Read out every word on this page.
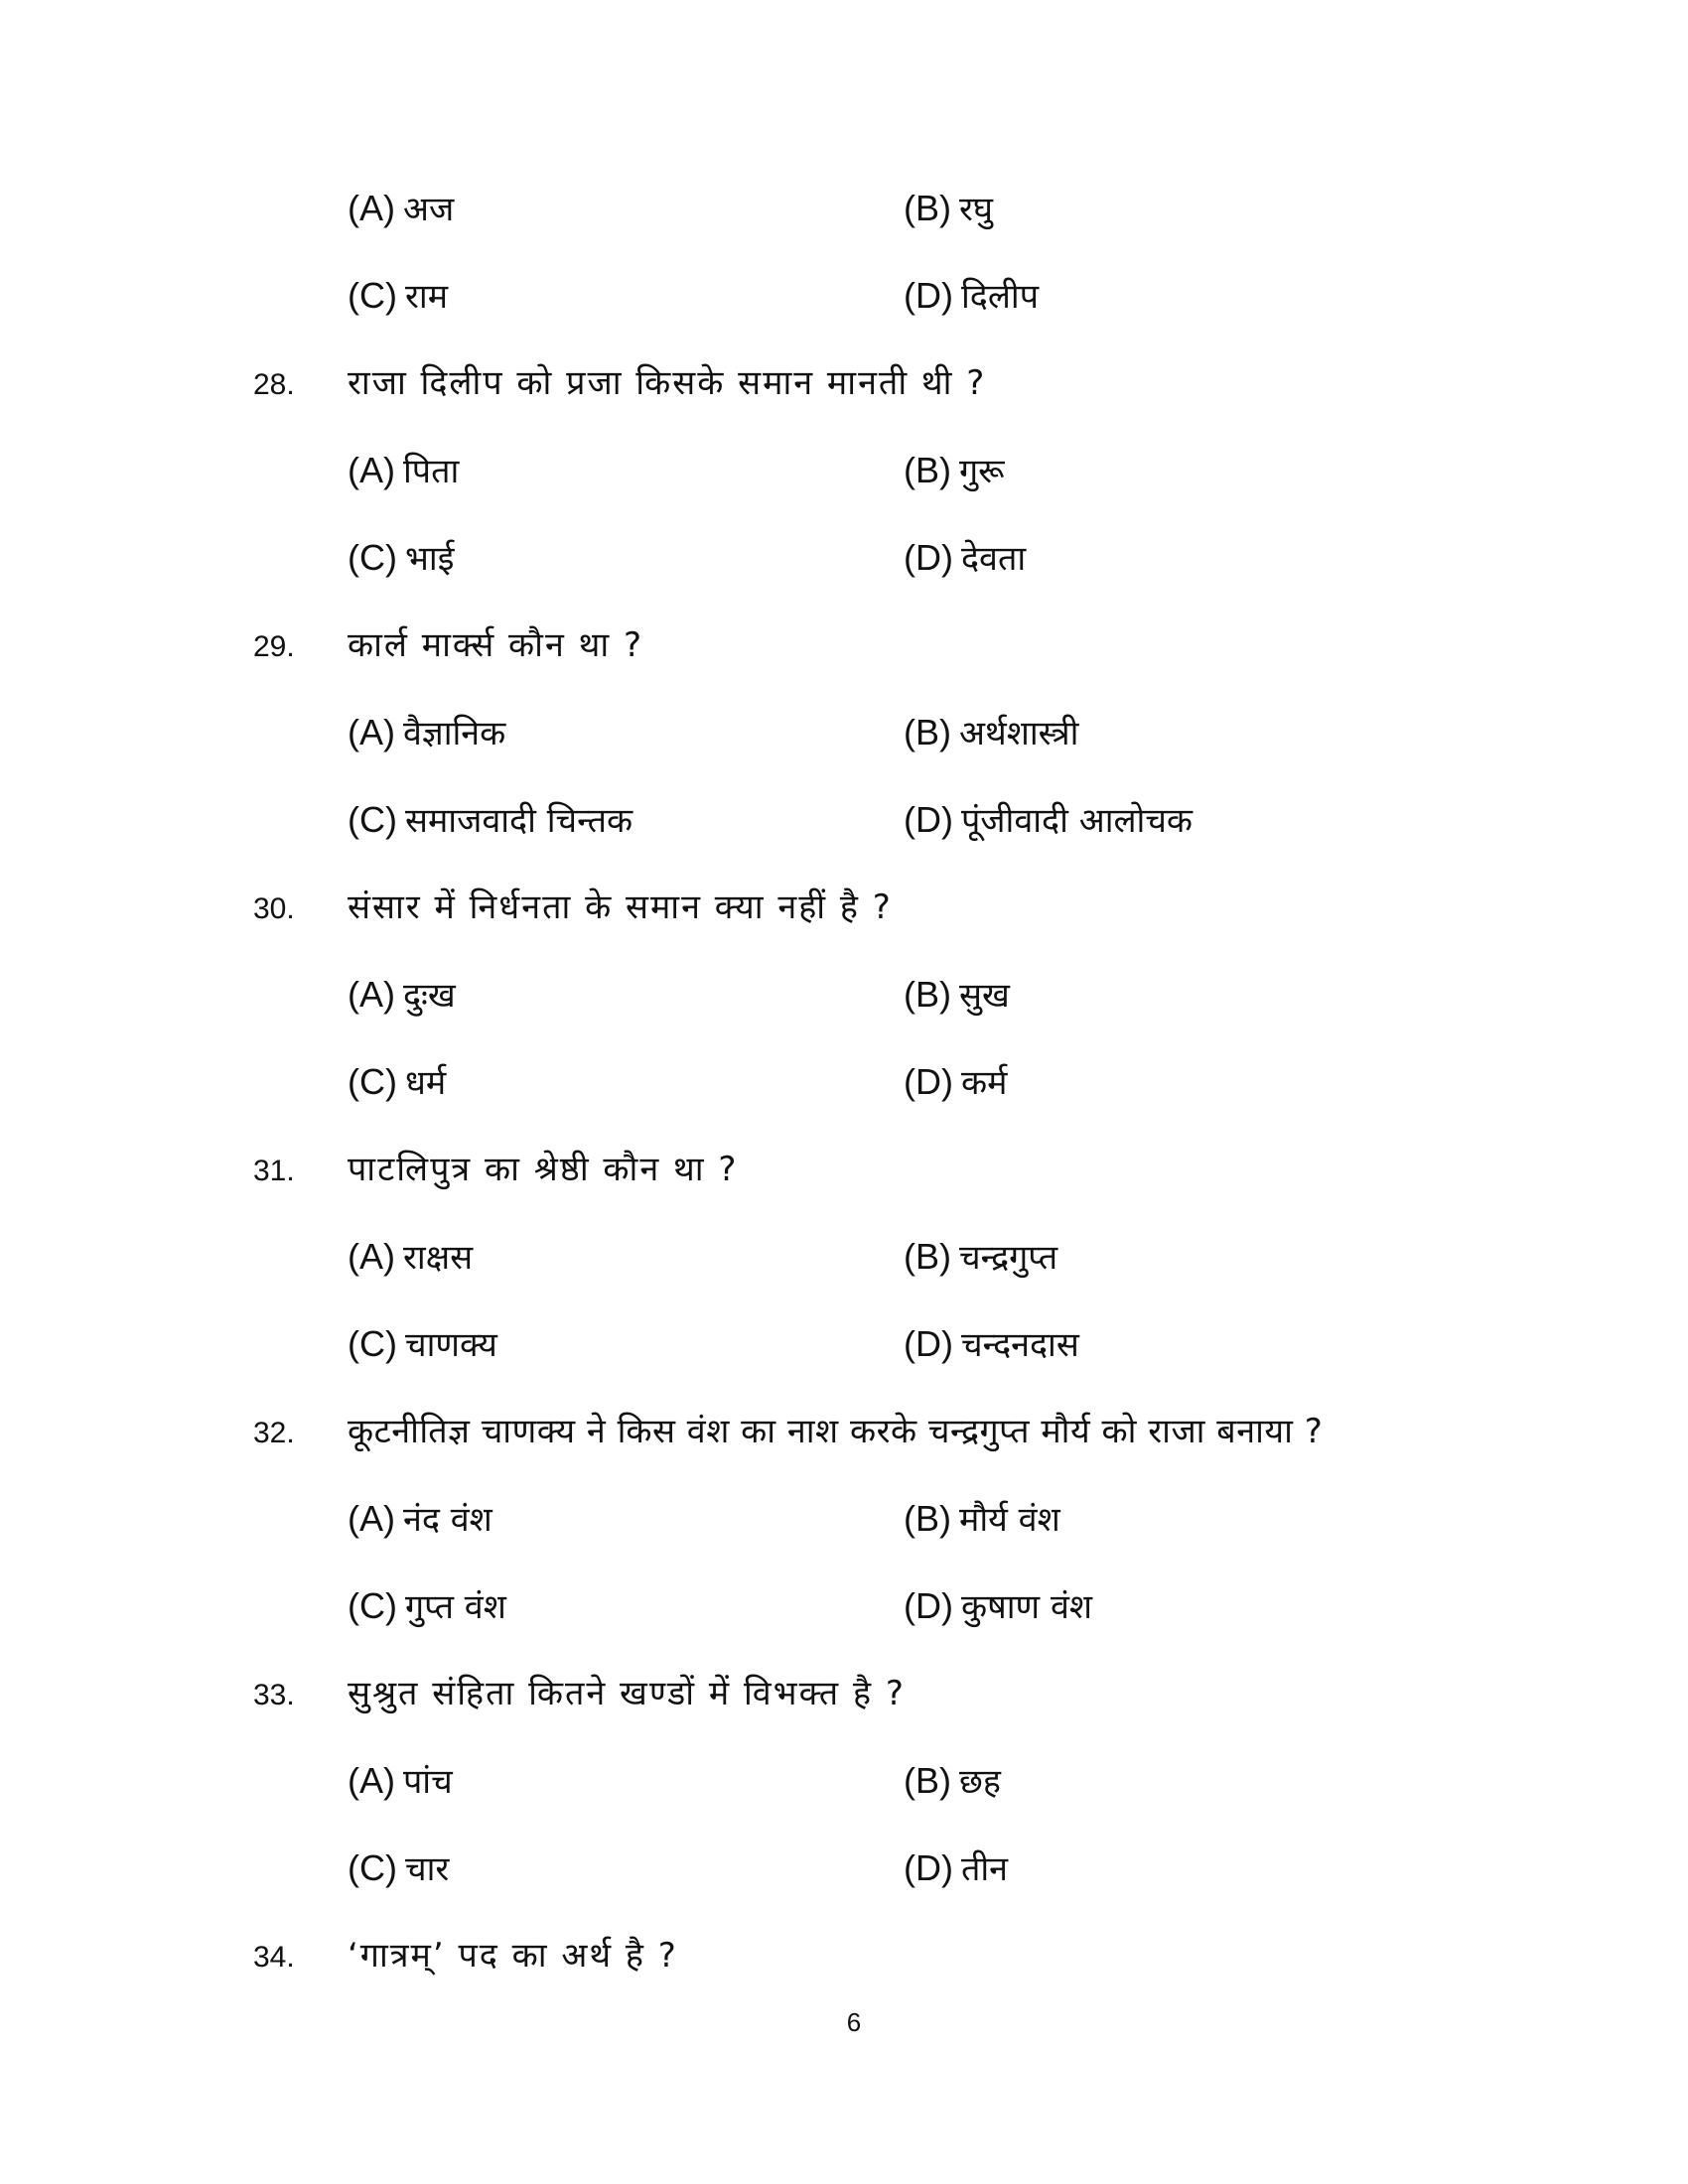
(A) अज	(B) रघु
(C) राम	(D) दिलीप
28. राजा दिलीप को प्रजा किसके समान मानती थी ?
(A) पिता	(B) गुरू
(C) भाई	(D) देवता
29. कार्ल मार्क्स कौन था ?
(A) वैज्ञानिक	(B) अर्थशास्त्री
(C) समाजवादी चिन्तक	(D) पूंजीवादी आलोचक
30. संसार में निर्धनता के समान क्या नहीं है ?
(A) दुःख	(B) सुख
(C) धर्म	(D) कर्म
31. पाटलिपुत्र का श्रेष्ठी कौन था ?
(A) राक्षस	(B) चन्द्रगुप्त
(C) चाणक्य	(D) चन्दनदास
32. कूटनीतिज्ञ चाणक्य ने किस वंश का नाश करके चन्द्रगुप्त मौर्य को राजा बनाया ?
(A) नंद वंश	(B) मौर्य वंश
(C) गुप्त वंश	(D) कुषाण वंश
33. सुश्रुत संहिता कितने खण्डों में विभक्त है ?
(A) पांच	(B) छह
(C) चार	(D) तीन
34. ‘गात्रम्’ पद का अर्थ है ?
6
